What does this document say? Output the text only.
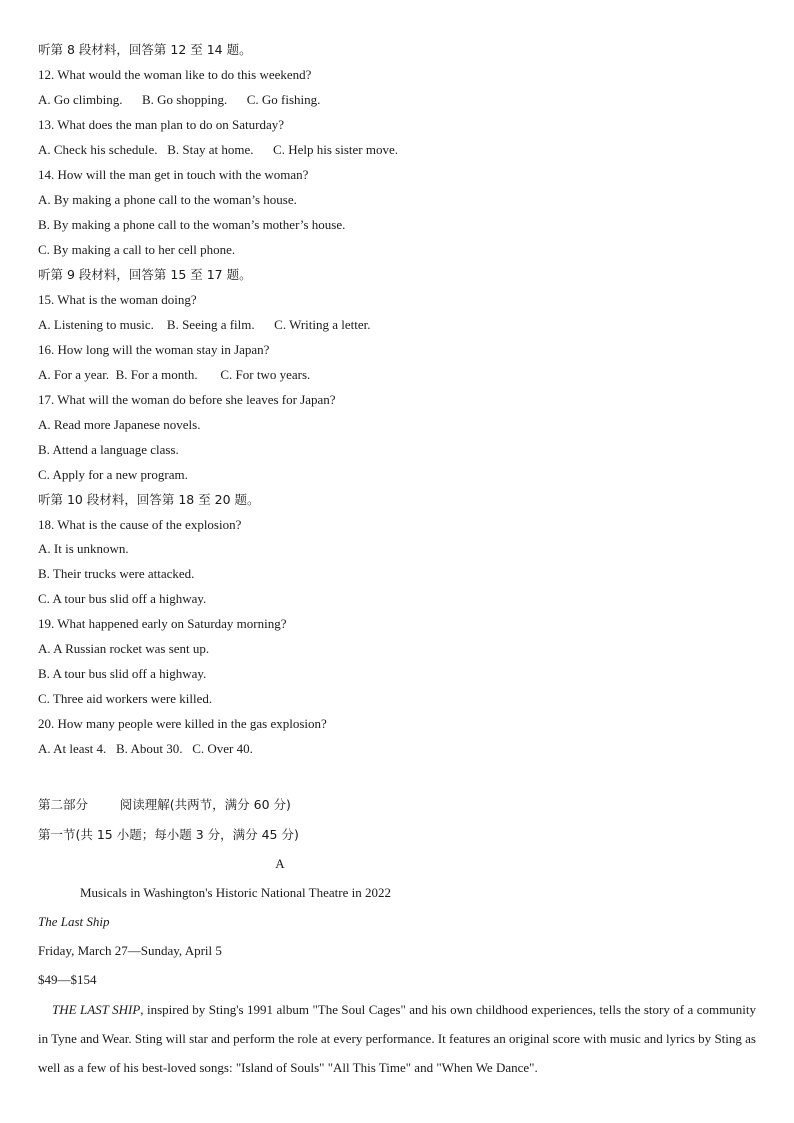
听第 8 段材料，回答第 12 至 14 题。
12. What would the woman like to do this weekend?
A. Go climbing.      B. Go shopping.      C. Go fishing.
13. What does the man plan to do on Saturday?
A. Check his schedule.   B. Stay at home.      C. Help his sister move.
14. How will the man get in touch with the woman?
A. By making a phone call to the woman’s house.
B. By making a phone call to the woman’s mother’s house.
C. By making a call to her cell phone.
听第 9 段材料，回答第 15 至 17 题。
15. What is the woman doing?
A. Listening to music.    B. Seeing a film.      C. Writing a letter.
16. How long will the woman stay in Japan?
A. For a year.  B. For a month.       C. For two years.
17. What will the woman do before she leaves for Japan?
A. Read more Japanese novels.
B. Attend a language class.
C. Apply for a new program.
听第 10 段材料，回答第 18 至 20 题。
18. What is the cause of the explosion?
A. It is unknown.
B. Their trucks were attacked.
C. A tour bus slid off a highway.
19. What happened early on Saturday morning?
A. A Russian rocket was sent up.
B. A tour bus slid off a highway.
C. Three aid workers were killed.
20. How many people were killed in the gas explosion?
A. At least 4.   B. About 30.   C. Over 40.
第二部分        阅读理解(共两节，满分 60 分)
第一节(共 15 小题；每小题 3 分，满分 45 分)
A
Musicals in Washington's Historic National Theatre in 2022
The Last Ship
Friday, March 27—Sunday, April 5
$49—$154
THE LAST SHIP, inspired by Sting's 1991 album "The Soul Cages" and his own childhood experiences, tells the story of a community in Tyne and Wear. Sting will star and perform the role at every performance. It features an original score with music and lyrics by Sting as well as a few of his best-loved songs: "Island of Souls" "All This Time" and "When We Dance".
